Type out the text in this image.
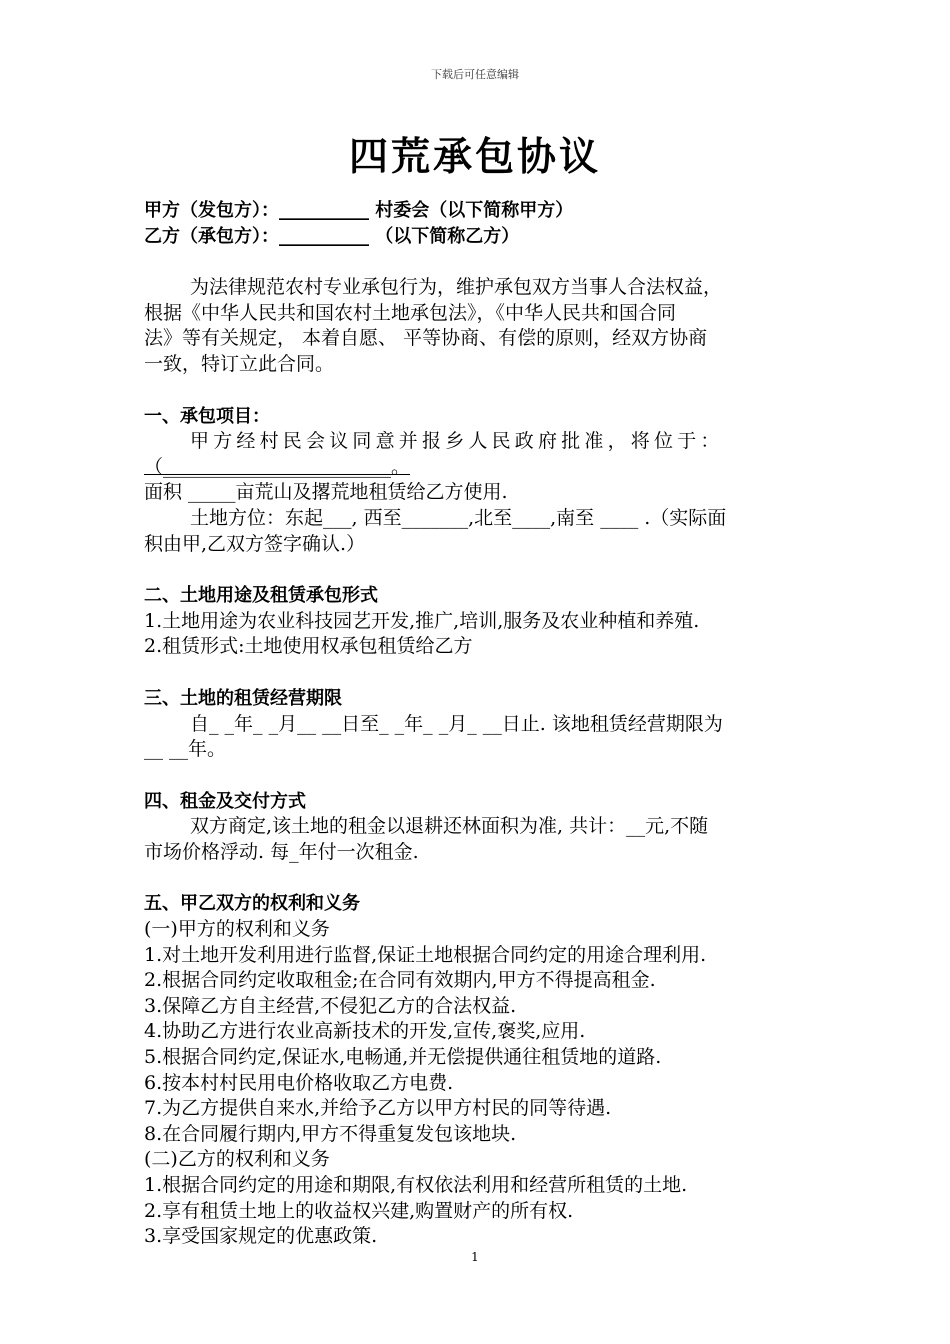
下载后可任意编辑
四荒承包协议
甲方（发包方）：__________ 村委会（以下简称甲方）
乙方（承包方）：__________ （以下简称乙方）
为法律规范农村专业承包行为，维护承包双方当事人合法权益，
根据《中华人民共和国农村土地承包法》，《中华人民共和国合同
法》等有关规定， 本着自愿、 平等协商、有偿的原则，经双方协商
一致，特订立此合同。
一、承包项目：
甲方经村民会议同意并报乡人民政府批准，将位于：
（________________________。
面积 _____亩荒山及撂荒地租赁给乙方使用.
土地方位：东起___, 西至_______,北至____,南至 ____ .（实际面
积由甲,乙双方签字确认.）
二、土地用途及租赁承包形式
1.土地用途为农业科技园艺开发,推广,培训,服务及农业种植和养殖.
2.租赁形式:土地使用权承包租赁给乙方
三、土地的租赁经营期限
自_ _年_ _月__ __日至_ _年_ _月_ __日止. 该地租赁经营期限为
__ __年。
四、租金及交付方式
双方商定,该土地的租金以退耕还林面积为准, 共计：__元,不随
市场价格浮动. 每_年付一次租金.
五、甲乙双方的权利和义务
(一)甲方的权利和义务
1.对土地开发利用进行监督,保证土地根据合同约定的用途合理利用.
2.根据合同约定收取租金;在合同有效期内,甲方不得提高租金.
3.保障乙方自主经营,不侵犯乙方的合法权益.
4.协助乙方进行农业高新技术的开发,宣传,褒奖,应用.
5.根据合同约定,保证水,电畅通,并无偿提供通往租赁地的道路.
6.按本村村民用电价格收取乙方电费.
7.为乙方提供自来水,并给予乙方以甲方村民的同等待遇.
8.在合同履行期内,甲方不得重复发包该地块.
(二)乙方的权利和义务
1.根据合同约定的用途和期限,有权依法利用和经营所租赁的土地.
2.享有租赁土地上的收益权兴建,购置财产的所有权.
3.享受国家规定的优惠政策.
1
